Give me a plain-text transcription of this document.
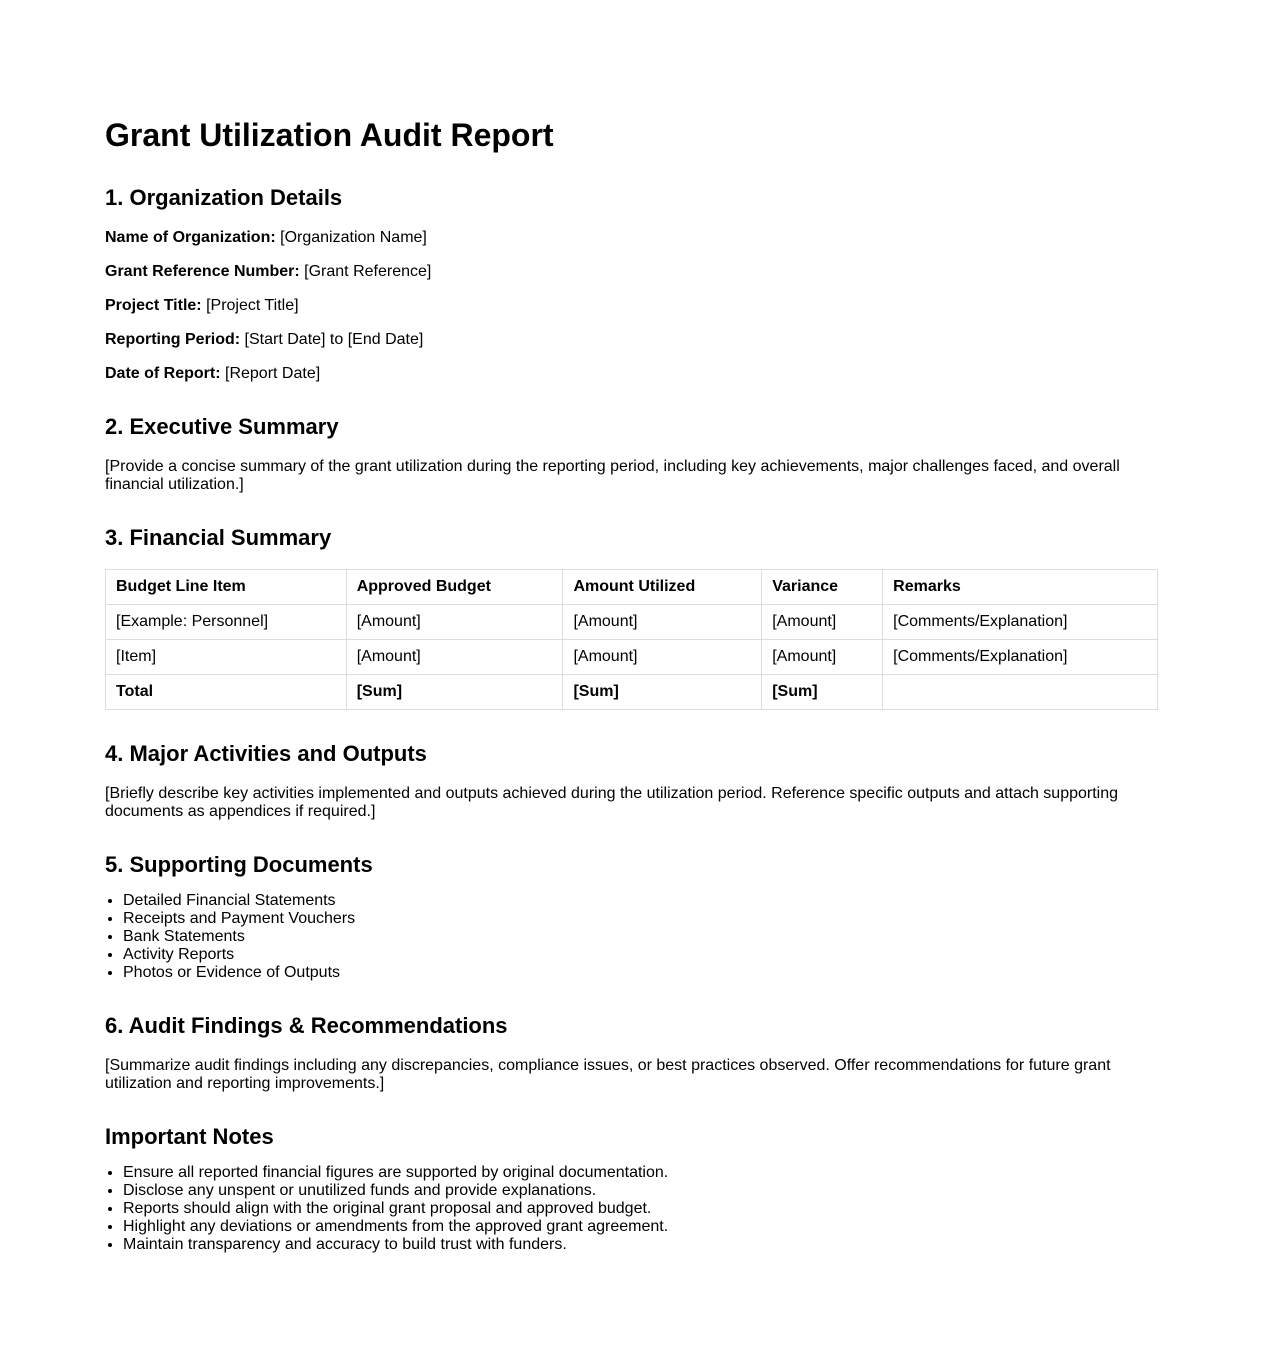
Grant Utilization Audit Report
1. Organization Details

Name of Organization: [Organization Name]

Grant Reference Number: [Grant Reference]

Project Title: [Project Title]

Reporting Period: [Start Date] to [End Date]

Date of Report: [Report Date]

2. Executive Summary

[Provide a concise summary of the grant utilization during the reporting period, including key achievements, major challenges faced, and overall financial utilization.]

3. Financial Summary
Budget Line Item	Approved Budget	Amount Utilized	Variance	Remarks
[Example: Personnel]	[Amount]	[Amount]	[Amount]	[Comments/Explanation]
[Item]	[Amount]	[Amount]	[Amount]	[Comments/Explanation]
Total	[Sum]	[Sum]	[Sum]	
4. Major Activities and Outputs

[Briefly describe key activities implemented and outputs achieved during the utilization period. Reference specific outputs and attach supporting documents as appendices if required.]

5. Supporting Documents
• Detailed Financial Statements
• Receipts and Payment Vouchers
• Bank Statements
• Activity Reports
• Photos or Evidence of Outputs
6. Audit Findings & Recommendations

[Summarize audit findings including any discrepancies, compliance issues, or best practices observed. Offer recommendations for future grant utilization and reporting improvements.]

Important Notes
• Ensure all reported financial figures are supported by original documentation.
• Disclose any unspent or unutilized funds and provide explanations.
• Reports should align with the original grant proposal and approved budget.
• Highlight any deviations or amendments from the approved grant agreement.
• Maintain transparency and accuracy to build trust with funders.
